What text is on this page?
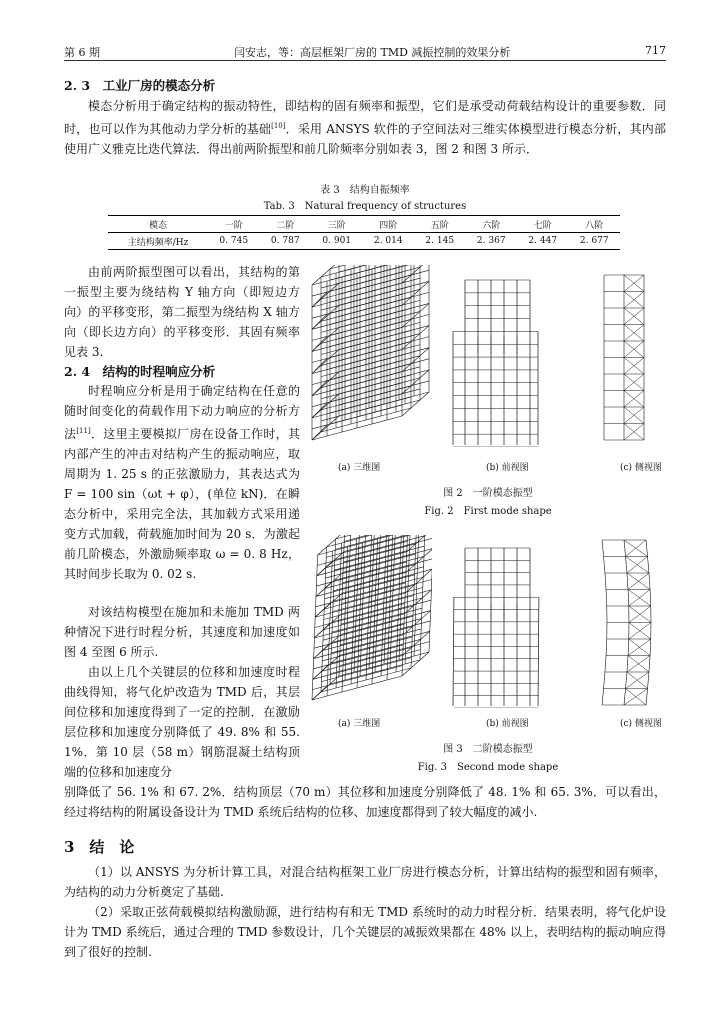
第 6 期	闫安志，等：高层框架厂房的 TMD 减振控制的效果分析	717
2. 3　工业厂房的模态分析

模态分析用于确定结构的振动特性，即结构的固有频率和振型，它们是承受动荷载结构设计的重要参数．同时，也可以作为其他动力学分析的基础[10]．采用 ANSYS 软件的子空间法对三维实体模型进行模态分析，其内部使用广义雅克比迭代算法．得出前两阶振型和前几阶频率分别如表 3，图 2 和图 3 所示．

表 3　结构自振频率
Tab. 3　Natural frequency of structures
模态	一阶	二阶	三阶	四阶	五阶	六阶	七阶	八阶
主结构频率/Hz	0. 745	0. 787	0. 901	2. 014	2. 145	2. 367	2. 447	2. 677

由前两阶振型图可以看出，其结构的第一振型主要为绕结构 Y 轴方向（即短边方向）的平移变形，第二振型为绕结构 X 轴方向（即长边方向）的平移变形．其固有频率见表 3.

2. 4　结构的时程响应分析

时程响应分析是用于确定结构在任意的随时间变化的荷载作用下动力响应的分析方法[11]．这里主要模拟厂房在设备工作时，其内部产生的冲击对结构产生的振动响应，取周期为 1. 25 s 的正弦激励力，其表达式为 F = 100 sin（ωt + φ），(单位 kN)．在瞬态分析中，采用完全法，其加载方式采用递变方式加载，荷载施加时间为 20 s．为激起前几阶模态，外激励频率取 ω = 0. 8 Hz，其时间步长取为 0. 02 s.

对该结构模型在施加和未施加 TMD 两种情况下进行时程分析，其速度和加速度如图 4 至图 6 所示.

由以上几个关键层的位移和加速度时程曲线得知，将气化炉改造为 TMD 后，其层间位移和加速度得到了一定的控制．在激励层位移和加速度分别降低了 49. 8% 和 55. 1%．第 10 层（58 m）钢筋混凝土结构顶端的位移和加速度分

别降低了 56. 1% 和 67. 2%．结构顶层（70 m）其位移和加速度分别降低了 48. 1% 和 65. 3%．可以看出，经过将结构的附属设备设计为 TMD 系统后结构的位移、加速度都得到了较大幅度的减小.

(a) 三维图	(b) 前视图	(c) 侧视图
图 2　一阶模态振型
Fig. 2　First mode shape
(a) 三维图	(b) 前视图	(c) 侧视图
图 3　二阶模态振型
Fig. 3　Second mode shape
3　结　论

（1）以 ANSYS 为分析计算工具，对混合结构框架工业厂房进行模态分析，计算出结构的振型和固有频率，为结构的动力分析奠定了基础.

（2）采取正弦荷载模拟结构激励源，进行结构有和无 TMD 系统时的动力时程分析．结果表明，将气化炉设计为 TMD 系统后，通过合理的 TMD 参数设计，几个关键层的减振效果都在 48% 以上，表明结构的振动响应得到了很好的控制.
